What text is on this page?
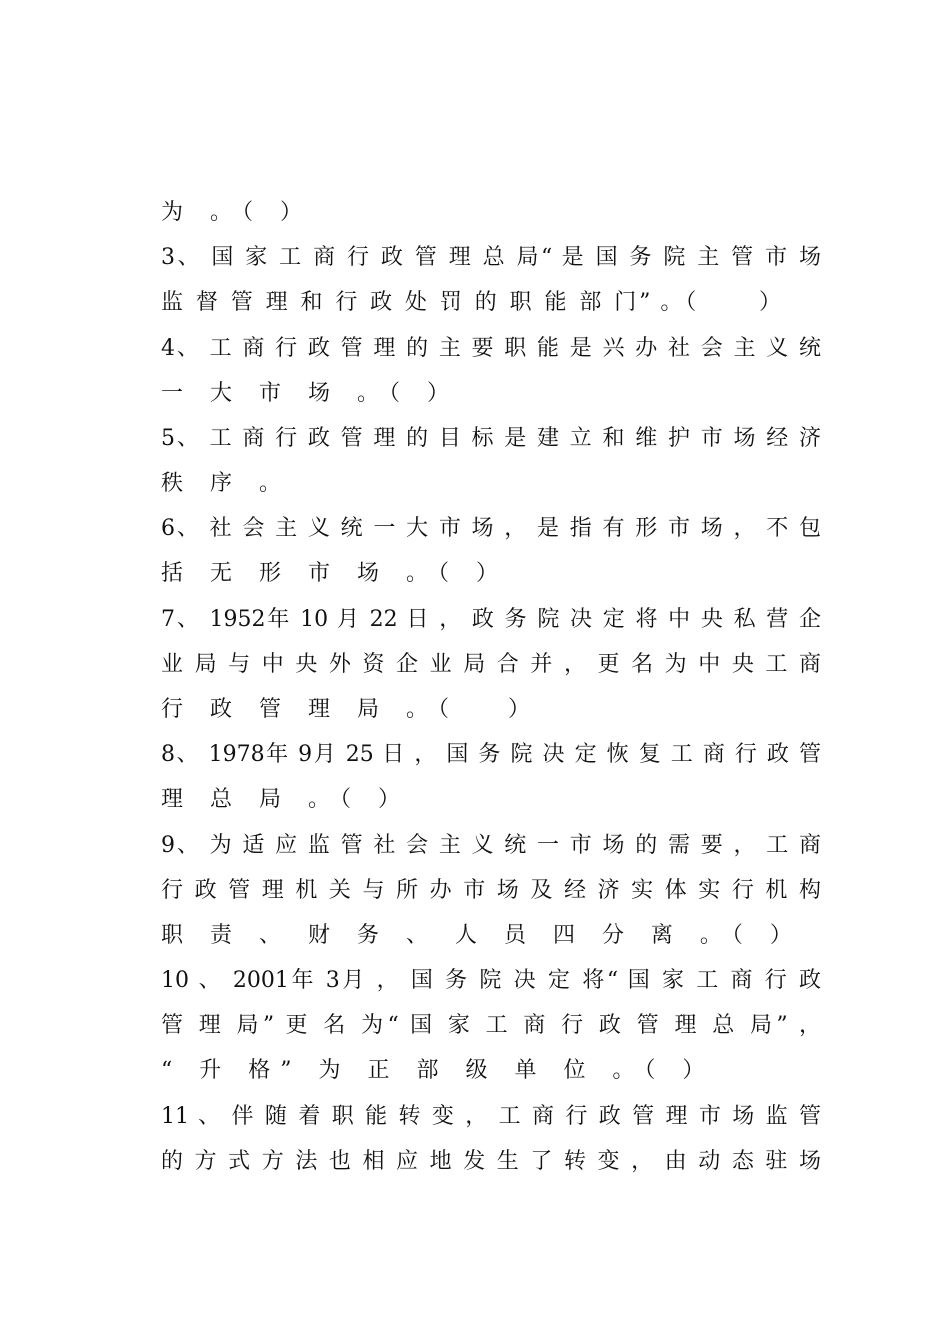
为 。（ ）
3、 国 家 工 商 行 政 管 理 总 局“ 是 国 务 院 主 管 市 场
监 督 管 理 和 行 政 处 罚 的 职 能 部 门” 。（　　 ）
4、 工 商 行 政 管 理 的 主 要 职 能 是 兴 办 社 会 主 义 统
一 大 市 场 。（ ）
5、 工 商 行 政 管 理 的 目 标 是 建 立 和 维 护 市 场 经 济
秩 序 。
6、 社 会 主 义 统 一 大 市 场 ， 是 指 有 形 市 场 ， 不 包
括 无 形 市 场 。（ ）
7、 1952年 10 月 22 日 ， 政 务 院 决 定 将 中 央 私 营 企
业 局 与 中 央 外 资 企 业 局 合 并 ， 更 名 为 中 央 工 商
行 政 管 理 局 。（　 ）
8、 1978年 9月 25 日 ， 国 务 院 决 定 恢 复 工 商 行 政 管
理 总 局 。（ ）
9、 为 适 应 监 管 社 会 主 义 统 一 市 场 的 需 要 ， 工 商
行 政 管 理 机 关 与 所 办 市 场 及 经 济 实 体 实 行 机 构
职 责 、 财 务 、 人 员 四 分 离 。（ ）
10 、 2001年 3月 ， 国 务 院 决 定 将“ 国 家 工 商 行 政
管 理 局” 更 名 为“ 国 家 工 商 行 政 管 理 总 局” ，
“ 升 格” 为 正 部 级 单 位 。（ ）
11 、 伴 随 着 职 能 转 变 ， 工 商 行 政 管 理 市 场 监 管
的 方 式 方 法 也 相 应 地 发 生 了 转 变 ， 由 动 态 驻 场
